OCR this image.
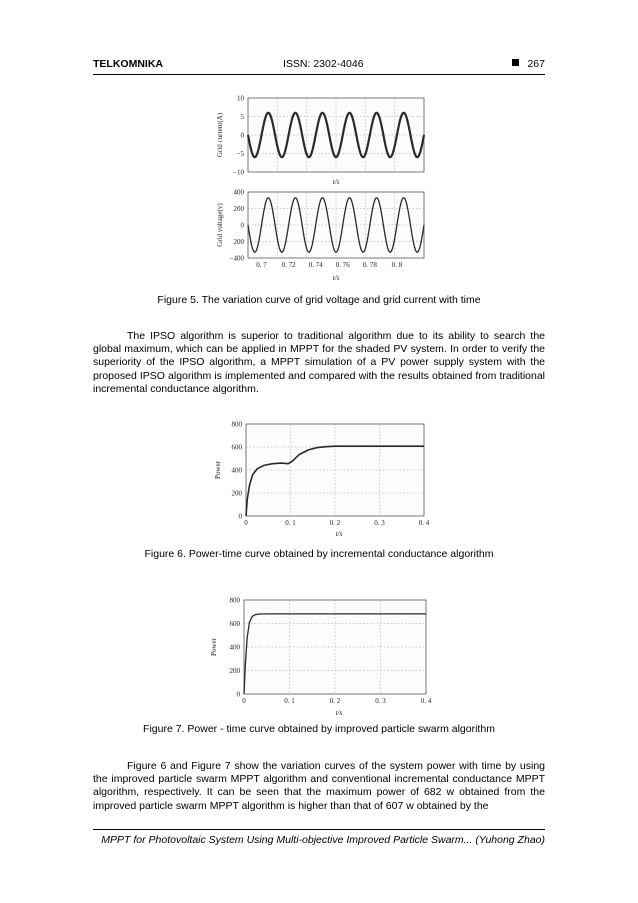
TELKOMNIKA	ISSN: 2302-4046	267
10
5
0
−5
−10
t/s
Grid current(A)
400
200
0
200
−400
0. 7 0. 72 0. 74 0. 76 0. 78 0. 8
t/s
Grid voltage(v)
Figure 5. The variation curve of grid voltage and grid current with time
The IPSO algorithm is superior to traditional algorithm due to its ability to search the global maximum, which can be applied in MPPT for the shaded PV system. In order to verify the superiority of the IPSO algorithm, a MPPT simulation of a PV power supply system with the proposed IPSO algorithm is implemented and compared with the results obtained from traditional incremental conductance algorithm.
800
600
400
200
0
0	0. 1	0. 2	0. 3	0. 4
t/s
Power
Figure 6. Power-time curve obtained by incremental conductance algorithm
800
600
400
200
0
0	0. 1	0. 2	0. 3	0. 4
t/s
Power
Figure 7. Power - time curve obtained by improved particle swarm algorithm
Figure 6 and Figure 7 show the variation curves of the system power with time by using the improved particle swarm MPPT algorithm and conventional incremental conductance MPPT algorithm, respectively. It can be seen that the maximum power of 682 w obtained from the improved particle swarm MPPT algorithm is higher than that of 607 w obtained by the
MPPT for Photovoltaic System Using Multi-objective Improved Particle Swarm... (Yuhong Zhao)
